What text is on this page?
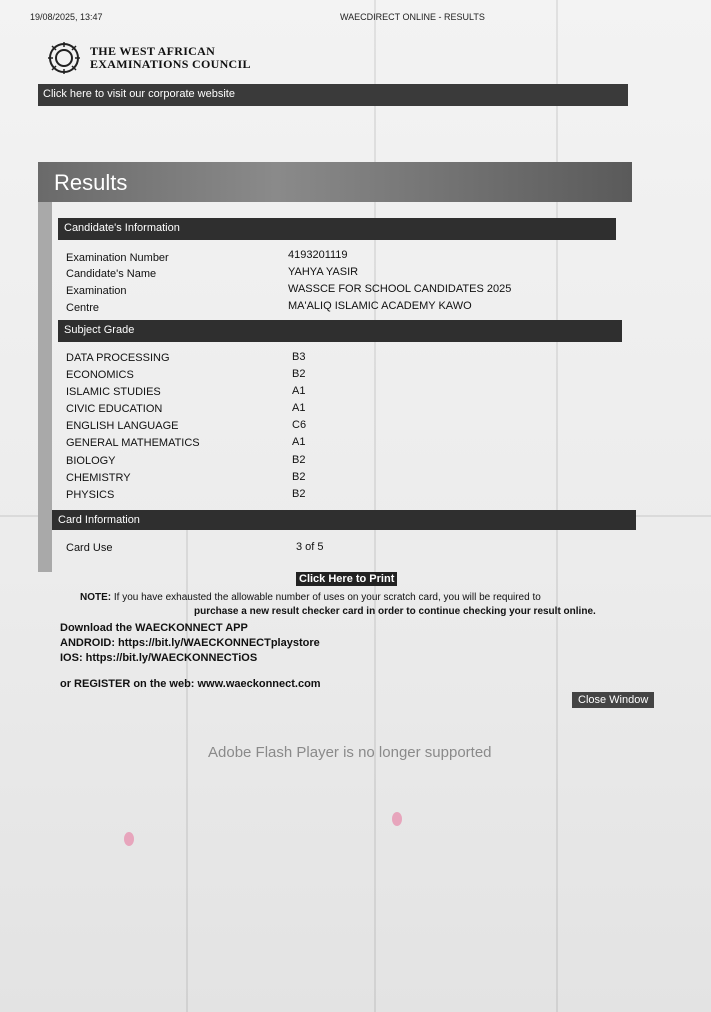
19/08/2025, 13:47	WAECDIRECT ONLINE - RESULTS
THE WEST AFRICAN
EXAMINATIONS COUNCIL
Click here to visit our corporate website
Results
Candidate's Information
Examination Number	4193201119
Candidate's Name	YAHYA YASIR
Examination	WASSCE FOR SCHOOL CANDIDATES 2025
Centre	MA'ALIQ ISLAMIC ACADEMY KAWO
Subject Grade
DATA PROCESSING	B3
ECONOMICS	B2
ISLAMIC STUDIES	A1
CIVIC EDUCATION	A1
ENGLISH LANGUAGE	C6
GENERAL MATHEMATICS	A1
BIOLOGY	B2
CHEMISTRY	B2
PHYSICS	B2
Card Information
Card Use	3 of 5
Click Here to Print
NOTE: If you have exhausted the allowable number of uses on your scratch card, you will be required to
purchase a new result checker card in order to continue checking your result online.
Download the WAECKONNECT APP
ANDROID: https://bit.ly/WAECKONNECTplaystore
IOS: https://bit.ly/WAECKONNECTiOS
or REGISTER on the web: www.waeckonnect.com
Close Window
Adobe Flash Player is no longer supported
